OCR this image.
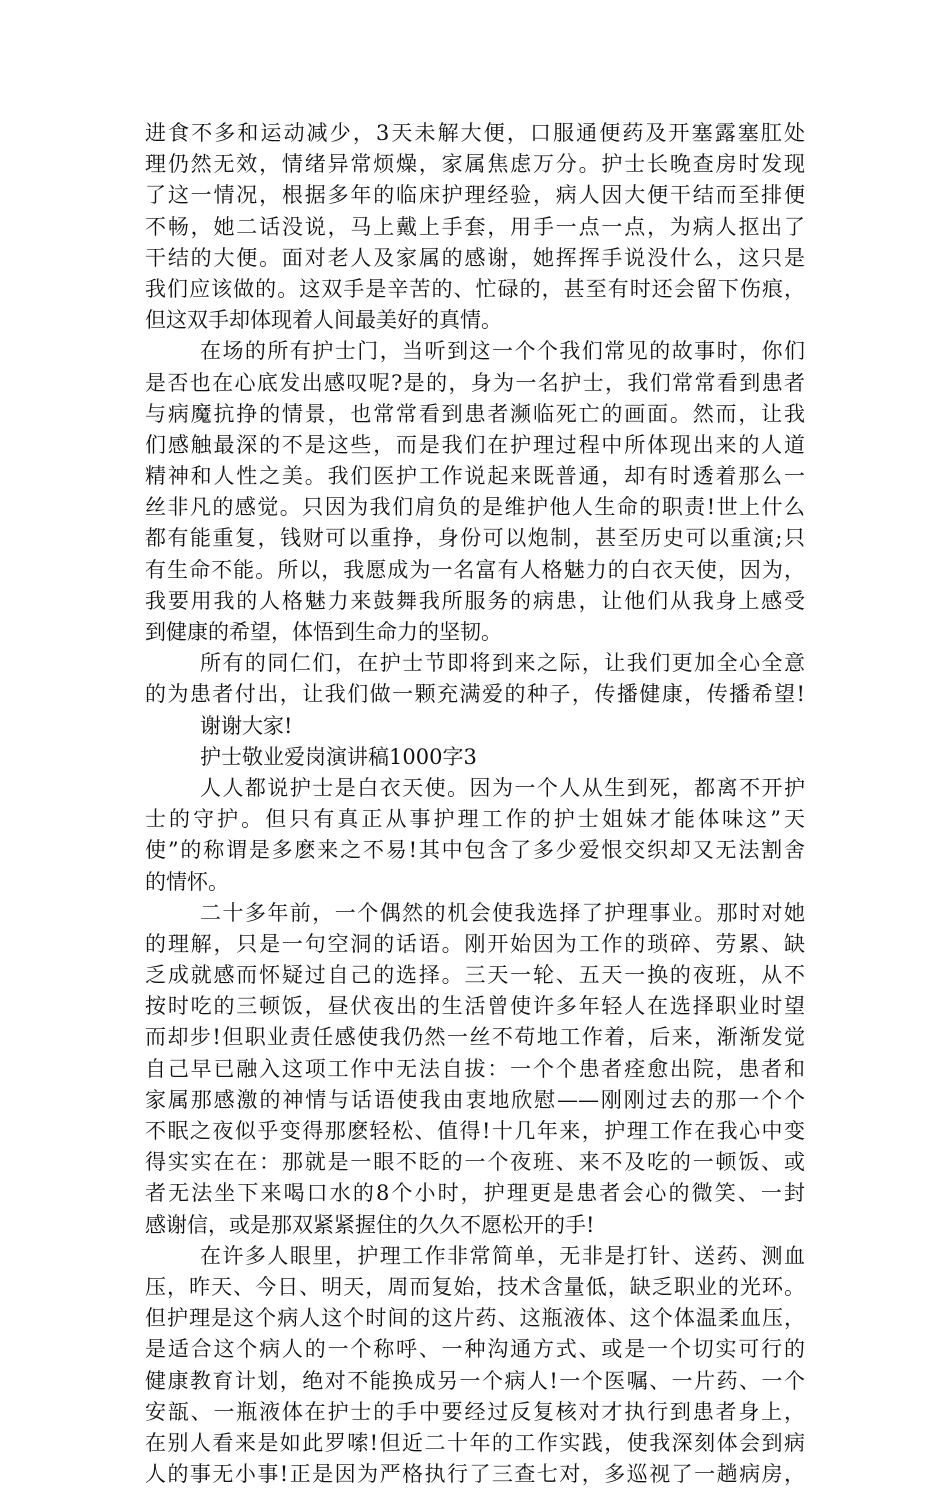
进食不多和运动减少，3天未解大便，口服通便药及开塞露塞肛处
理仍然无效，情绪异常烦燥，家属焦虑万分。护士长晚查房时发现
了这一情况，根据多年的临床护理经验，病人因大便干结而至排便
不畅，她二话没说，马上戴上手套，用手一点一点，为病人抠出了
干结的大便。面对老人及家属的感谢，她挥挥手说没什么，这只是
我们应该做的。这双手是辛苦的、忙碌的，甚至有时还会留下伤痕，
但这双手却体现着人间最美好的真情。
在场的所有护士门，当听到这一个个我们常见的故事时，你们
是否也在心底发出感叹呢?是的，身为一名护士，我们常常看到患者
与病魔抗挣的情景，也常常看到患者濒临死亡的画面。然而，让我
们感触最深的不是这些，而是我们在护理过程中所体现出来的人道
精神和人性之美。我们医护工作说起来既普通，却有时透着那么一
丝非凡的感觉。只因为我们肩负的是维护他人生命的职责!世上什么
都有能重复，钱财可以重挣，身份可以炮制，甚至历史可以重演;只
有生命不能。所以，我愿成为一名富有人格魅力的白衣天使，因为，
我要用我的人格魅力来鼓舞我所服务的病患，让他们从我身上感受
到健康的希望，体悟到生命力的坚韧。
所有的同仁们，在护士节即将到来之际，让我们更加全心全意
的为患者付出，让我们做一颗充满爱的种子，传播健康，传播希望!
谢谢大家!
护士敬业爱岗演讲稿1000字3
人人都说护士是白衣天使。因为一个人从生到死，都离不开护
士的守护。但只有真正从事护理工作的护士姐妹才能体味这”天
使”的称谓是多麽来之不易!其中包含了多少爱恨交织却又无法割舍
的情怀。
二十多年前，一个偶然的机会使我选择了护理事业。那时对她
的理解，只是一句空洞的话语。刚开始因为工作的琐碎、劳累、缺
乏成就感而怀疑过自己的选择。三天一轮、五天一换的夜班，从不
按时吃的三顿饭，昼伏夜出的生活曾使许多年轻人在选择职业时望
而却步!但职业责任感使我仍然一丝不苟地工作着，后来，渐渐发觉
自己早已融入这项工作中无法自拔：一个个患者痊愈出院，患者和
家属那感激的神情与话语使我由衷地欣慰——刚刚过去的那一个个
不眠之夜似乎变得那麽轻松、值得!十几年来，护理工作在我心中变
得实实在在：那就是一眼不眨的一个夜班、来不及吃的一顿饭、或
者无法坐下来喝口水的8个小时，护理更是患者会心的微笑、一封
感谢信，或是那双紧紧握住的久久不愿松开的手!
在许多人眼里，护理工作非常简单，无非是打针、送药、测血
压，昨天、今日、明天，周而复始，技术含量低，缺乏职业的光环。
但护理是这个病人这个时间的这片药、这瓶液体、这个体温柔血压，
是适合这个病人的一个称呼、一种沟通方式、或是一个切实可行的
健康教育计划，绝对不能换成另一个病人!一个医嘱、一片药、一个
安瓿、一瓶液体在护士的手中要经过反复核对才执行到患者身上，
在别人看来是如此罗嗦!但近二十年的工作实践，使我深刻体会到病
人的事无小事!正是因为严格执行了三查七对，多巡视了一趟病房，
